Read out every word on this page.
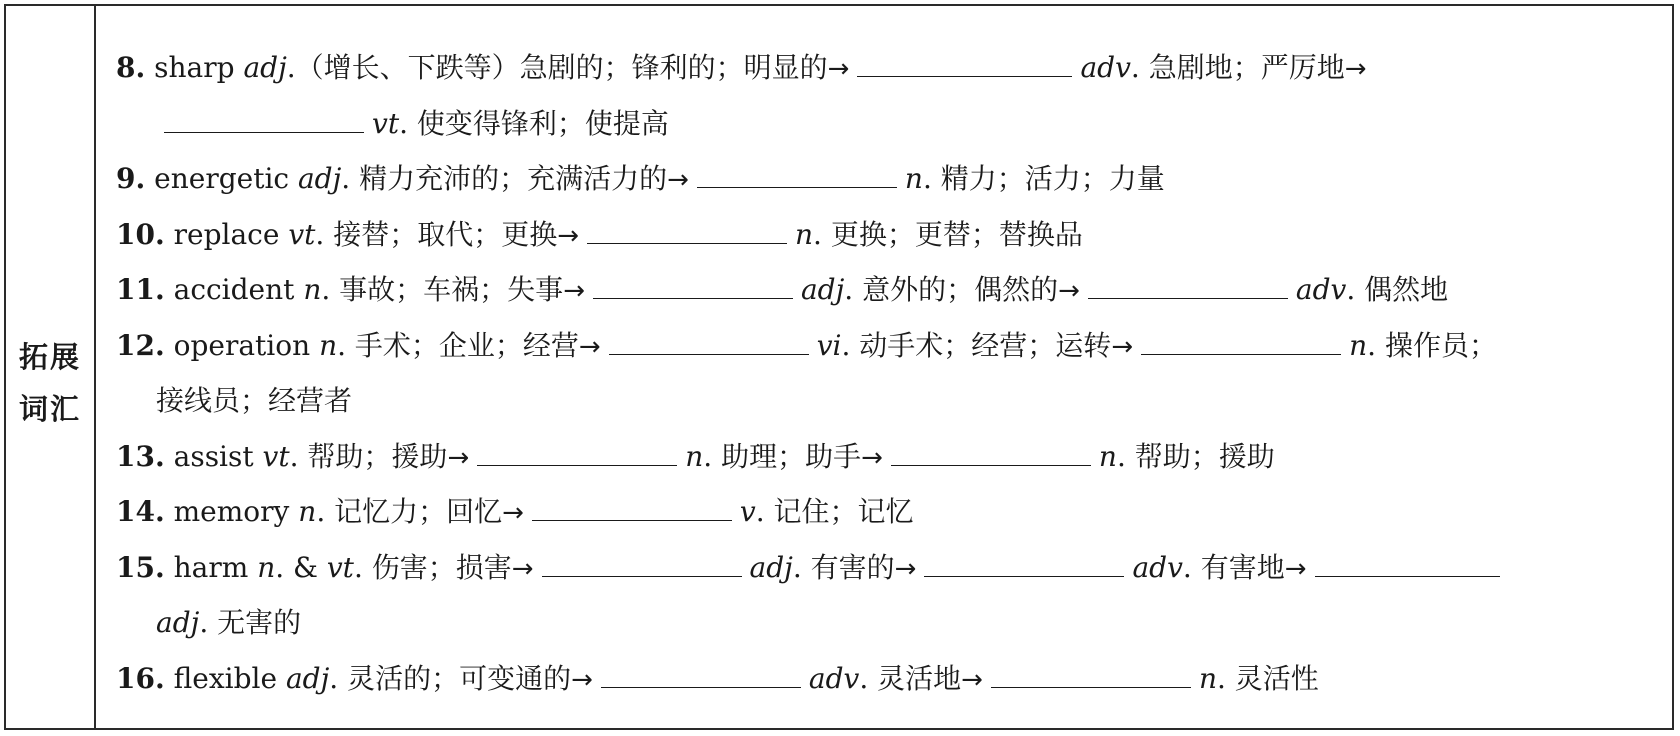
拓展
词汇
8. sharp adj.（增长、下跌等）急剧的；锋利的；明显的→	adv. 急剧地；严厉地→
vt. 使变得锋利；使提高
9. energetic adj. 精力充沛的；充满活力的→	n. 精力；活力；力量
10. replace vt. 接替；取代；更换→	n. 更换；更替；替换品
11. accident n. 事故；车祸；失事→	adj. 意外的；偶然的→	adv. 偶然地
12. operation n. 手术；企业；经营→	vi. 动手术；经营；运转→	n. 操作员；
接线员；经营者
13. assist vt. 帮助；援助→	n. 助理；助手→	n. 帮助；援助
14. memory n. 记忆力；回忆→	v. 记住；记忆
15. harm n. & vt. 伤害；损害→	adj. 有害的→	adv. 有害地→
adj. 无害的
16. flexible adj. 灵活的；可变通的→	adv. 灵活地→	n. 灵活性
